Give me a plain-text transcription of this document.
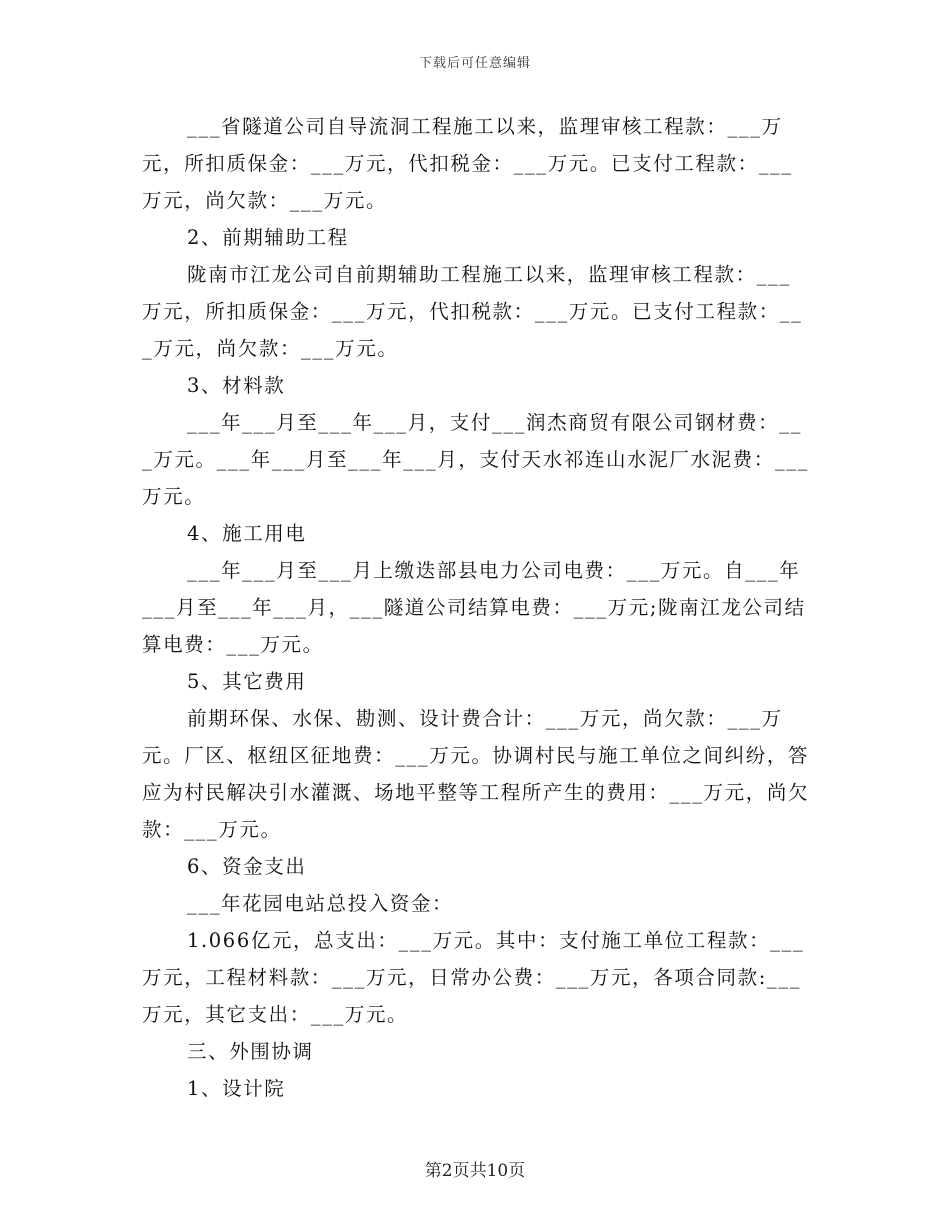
下载后可任意编辑

___省隧道公司自导流洞工程施工以来，监理审核工程款：___万元，所扣质保金：___万元，代扣税金：___万元。已支付工程款：___万元，尚欠款：___万元。

2、前期辅助工程

陇南市江龙公司自前期辅助工程施工以来，监理审核工程款：___万元，所扣质保金：___万元，代扣税款：___万元。已支付工程款：___万元，尚欠款：___万元。

3、材料款

___年___月至___年___月，支付___润杰商贸有限公司钢材费：___万元。___年___月至___年___月，支付天水祁连山水泥厂水泥费：___万元。

4、施工用电

___年___月至___月上缴迭部县电力公司电费：___万元。自___年___月至___年___月，___隧道公司结算电费：___万元;陇南江龙公司结算电费：___万元。

5、其它费用

前期环保、水保、勘测、设计费合计：___万元，尚欠款：___万元。厂区、枢纽区征地费：___万元。协调村民与施工单位之间纠纷，答应为村民解决引水灌溉、场地平整等工程所产生的费用：___万元，尚欠款：___万元。

6、资金支出

___年花园电站总投入资金：

1.066亿元，总支出：___万元。其中：支付施工单位工程款：___万元，工程材料款：___万元，日常办公费：___万元，各项合同款:___万元，其它支出：___万元。

三、外围协调

1、设计院

第2页共10页
